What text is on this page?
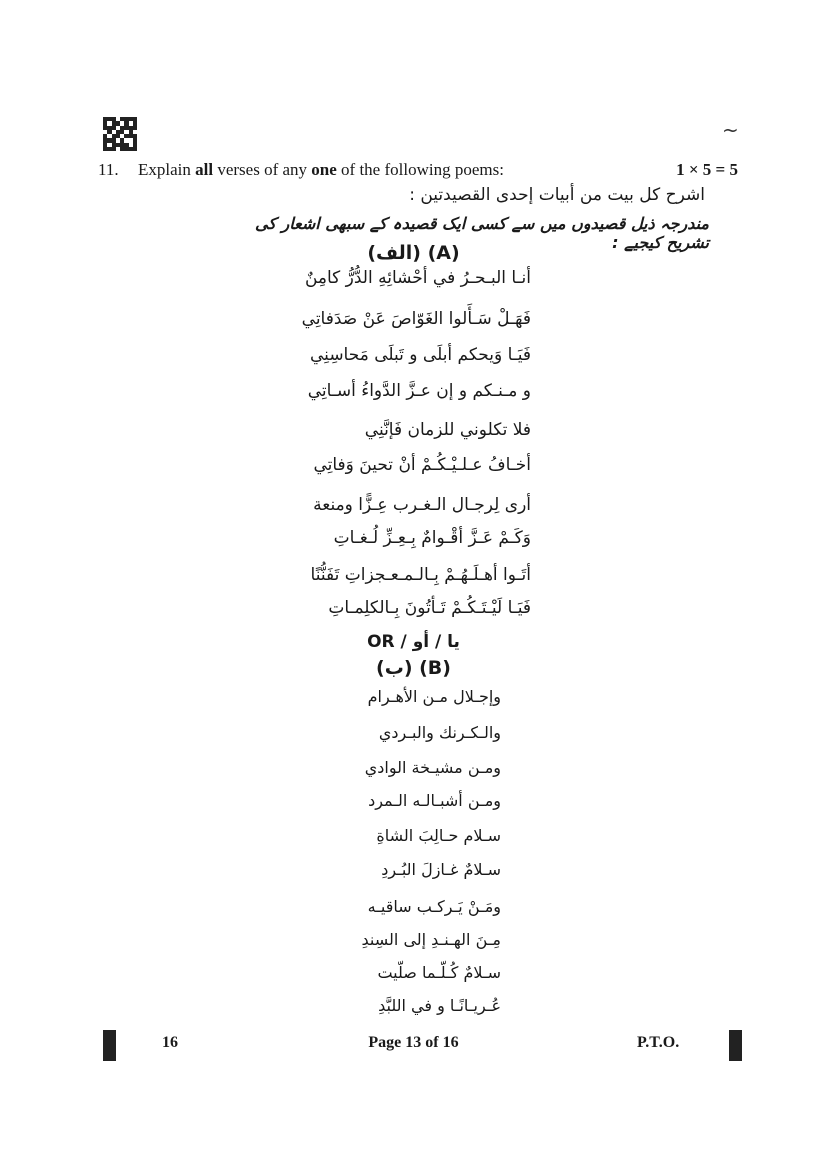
~
11. Explain all verses of any one of the following poems:	1 × 5 = 5
اشرح كل بيت من أبيات إحدى القصيدتين :
مندرجہ ذیل قصیدوں میں سے کسی ایک قصیدہ کے سبھی اشعار کی تشریح کیجیے :
(الف) (A)
أنـا البـحـرُ في أحْشائِهِ الدُّرُّ كامِنٌ
فَهَـلْ سَـأَلوا الغَوّاصَ عَنْ صَدَفاتِي
فَيَـا وَيحكم أبلَى و تَبلَى مَحاسِنِي
و مـنـكم و إن عـزَّ الدَّواءُ أسـاتِي
فلا تكلوني للزمان فَإنَّنِي
أخـافُ عـلـيْـكُـمْ أنْ تحينَ وَفاتِي
أرى لِرجـال الـغـرب عِـزًّا ومنعة
وَكَـمْ عَـزَّ أقْـوامٌ بِـعِـزِّ لُـغـاتِ
أتَـوا أهـلَـهُـمْ بِـالـمـعـجزاتِ تَفَنُّنًا
فَيَـا لَيْـتَـكُـمْ تَـأتُونَ بِـالكلِمـاتِ
OR / يا / أو
(ب) (B)
وإجـلال مـن الأهـرام
والـكـرنك والبـردي
ومـن مشيـخة الوادي
ومـن أشبـالـه الـمرد
سـلام حـالِبَ الشاةِ
سـلامٌ غـازلَ البُـردِ
ومَـنْ يَـركـب ساقيـه
مِـنَ الهـنـدِ إلى السِندِ
سـلامٌ كُـلّـما صلّيت
عُـريـانًـا و في اللبَّدِ
16	Page 13 of 16	P.T.O.
